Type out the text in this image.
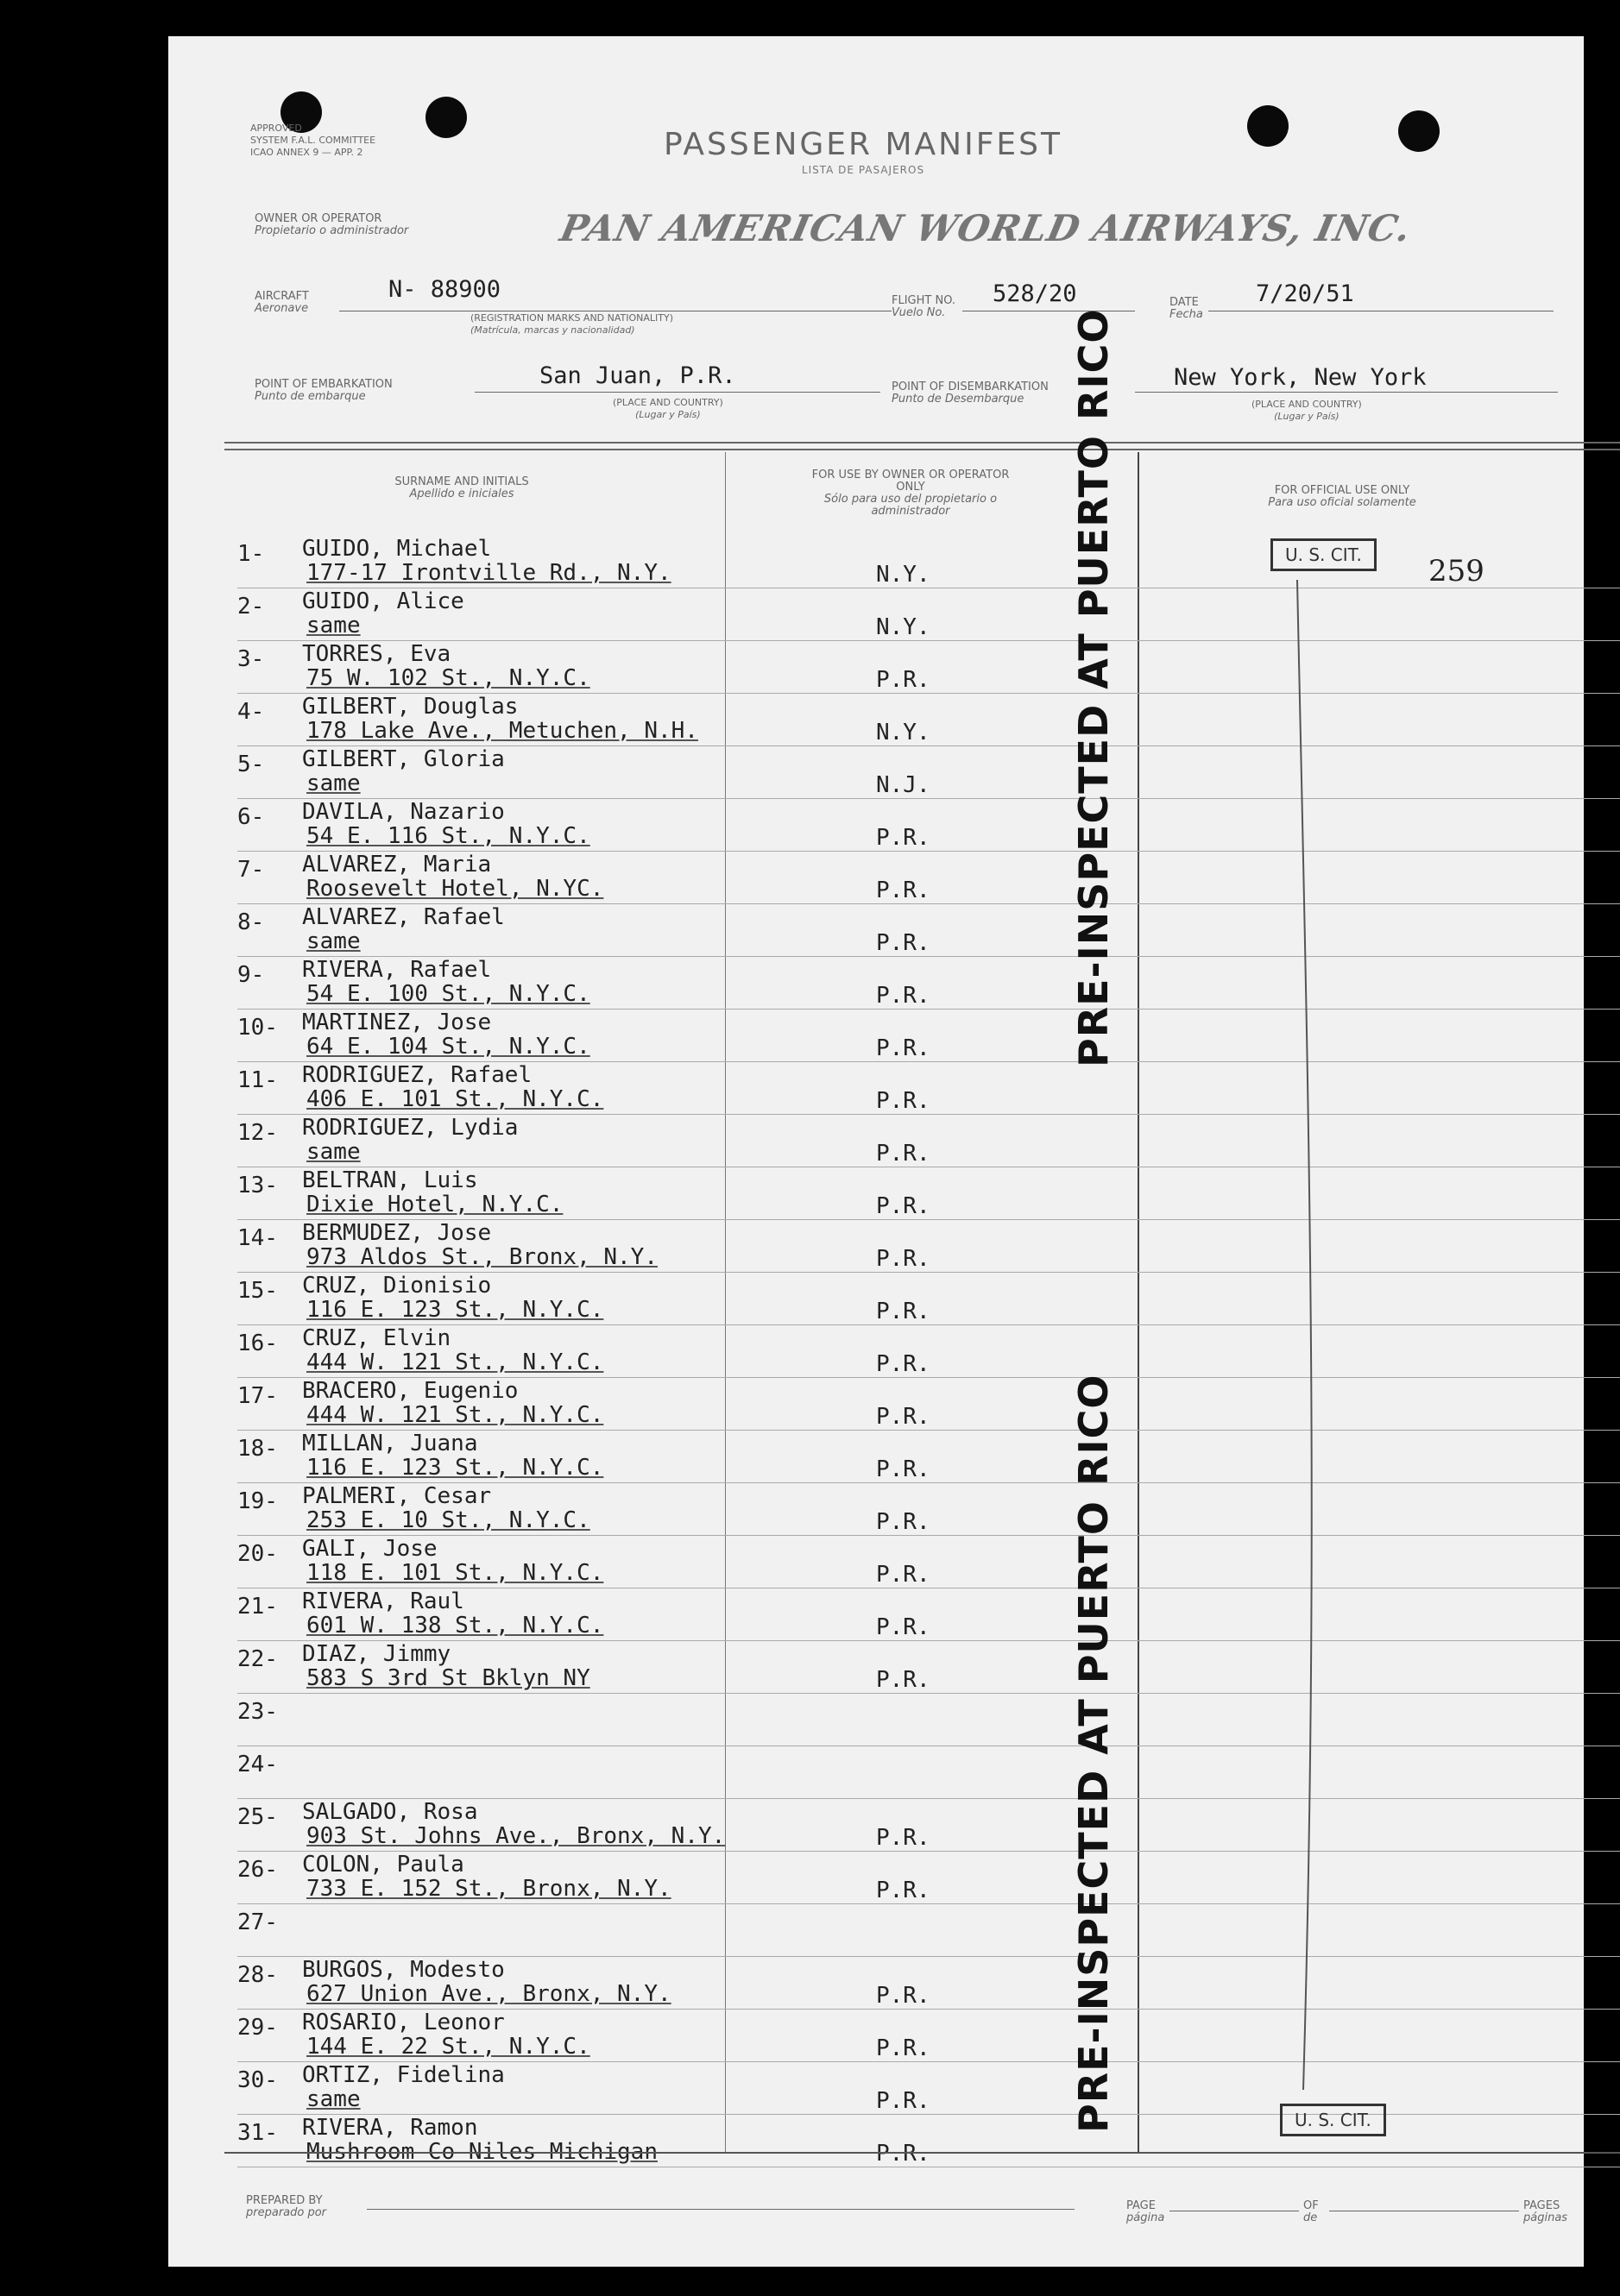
APPROVED
SYSTEM F.A.L. COMMITTEE
ICAO ANNEX 9 — APP. 2	PASSENGER MANIFEST
LISTA DE PASAJEROS
OWNER OR OPERATOR
Propietario o administrador	PAN AMERICAN WORLD AIRWAYS, INC.
AIRCRAFT
Aeronave
N- 88900
(REGISTRATION MARKS AND NATIONALITY)
(Matrícula, marcas y nacionalidad)
FLIGHT NO.
Vuelo No.
528/20	DATE
Fecha
7/20/51
POINT OF EMBARKATION
Punto de embarque
San Juan, P.R.
(PLACE AND COUNTRY)
(Lugar y País)
POINT OF DISEMBARKATION
Punto de Desembarque
New York, New York
(PLACE AND COUNTRY)
(Lugar y País)
SURNAME AND INITIALS
Apellido e iniciales
FOR USE BY OWNER OR OPERATOR ONLY
Sólo para uso del propietario o administrador
FOR OFFICIAL USE ONLY
Para uso oficial solamente
1- GUIDO, Michael
177-17 Irontville Rd., N.Y.	N.Y.
2- GUIDO, Alice
same	N.Y.
3- TORRES, Eva
75 W. 102 St., N.Y.C.	P.R.
4- GILBERT, Douglas
178 Lake Ave., Metuchen, N.H.	N.Y.
5- GILBERT, Gloria
same	N.J.
6- DAVILA, Nazario
54 E. 116 St., N.Y.C.	P.R.
7- ALVAREZ, Maria
Roosevelt Hotel, N.YC.	P.R.
8- ALVAREZ, Rafael
same	P.R.
9- RIVERA, Rafael
54 E. 100 St., N.Y.C.	P.R.
10- MARTINEZ, Jose
64 E. 104 St., N.Y.C.	P.R.
11- RODRIGUEZ, Rafael
406 E. 101 St., N.Y.C.	P.R.
12- RODRIGUEZ, Lydia
same	P.R.
13- BELTRAN, Luis
Dixie Hotel, N.Y.C.	P.R.
14- BERMUDEZ, Jose
973 Aldos St., Bronx, N.Y.	P.R.
15- CRUZ, Dionisio
116 E. 123 St., N.Y.C.	P.R.
16- CRUZ, Elvin
444 W. 121 St., N.Y.C.	P.R.
17- BRACERO, Eugenio
444 W. 121 St., N.Y.C.	P.R.
18- MILLAN, Juana
116 E. 123 St., N.Y.C.	P.R.
19- PALMERI, Cesar
253 E. 10 St., N.Y.C.	P.R.
20- GALI, Jose
118 E. 101 St., N.Y.C.	P.R.
21- RIVERA, Raul
601 W. 138 St., N.Y.C.	P.R.
22- DIAZ, Jimmy
583 S 3rd St Bklyn NY	P.R.
23-
24-
25- SALGADO, Rosa
903 St. Johns Ave., Bronx, N.Y.	P.R.
26- COLON, Paula
733 E. 152 St., Bronx, N.Y.	P.R.
27-
28- BURGOS, Modesto
627 Union Ave., Bronx, N.Y.	P.R.
29- ROSARIO, Leonor
144 E. 22 St., N.Y.C.	P.R.
30- ORTIZ, Fidelina
same	P.R.
31- RIVERA, Ramon
Mushroom Co Niles Michigan	P.R.
PRE-INSPECTED AT PUERTO RICO
PRE-INSPECTED AT PUERTO RICO
U. S. CIT.	259
U. S. CIT.
PREPARED BY
preparado por
PAGE
página
OF
de
PAGES
páginas
